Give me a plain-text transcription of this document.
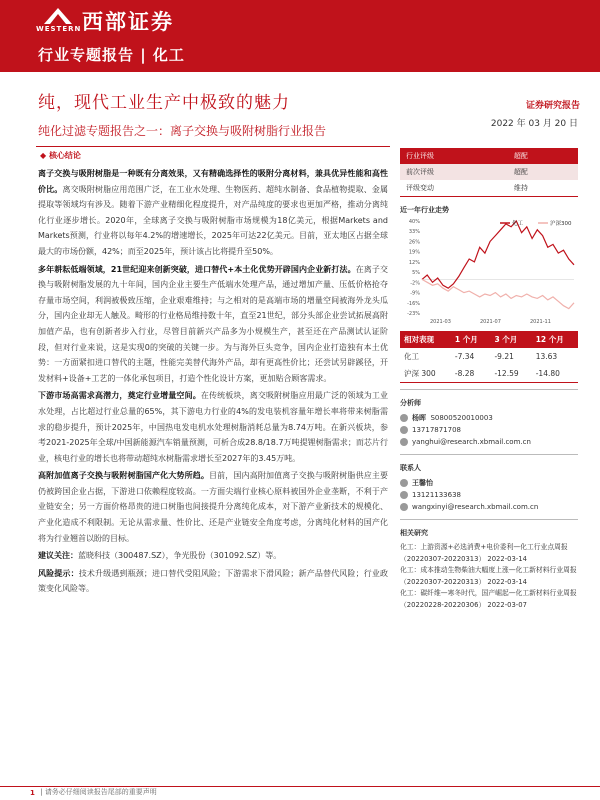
WESTERN 西部证券
行业专题报告 | 化工
纯，现代工业生产中极致的魅力	证券研究报告
纯化过滤专题报告之一：离子交换与吸附树脂行业报告	2022 年 03 月 20 日
◆ 核心结论

离子交换与吸附树脂是一种既有分离效果，又有精确选择性的吸附分离材料，兼具优异性能和高性价比。离交吸附树脂应用范围广泛，在工业水处理、生物医药、超纯水制备、食品植物提取、金属提取等领域均有涉及。随着下游产业精细化程度提升，对产品纯度的要求也更加严格，推动分离纯化行业逐步增长。2020年，全球离子交换与吸附树脂市场规模为18亿美元，根据Markets and Markets预测，行业将以每年4.2%的增速增长，2025年可达22亿美元。目前，亚太地区占据全球最大的市场份额，42%；而至2025年，预计该占比将提升至50%。

多年耕耘低端领域，21世纪迎来创新突破，进口替代+本土化优势开辟国内企业新打法。在离子交换与吸附树脂发展的九十年间，国内企业主要生产低端水处理产品，通过增加产量、压低价格抢夺存量市场空间，利润被极致压缩，企业艰难维持；与之相对的是高端市场的增量空间被海外龙头瓜分，国内企业却无人触及。畸形的行业格局维持数十年，直至21世纪，部分头部企业尝试拓展高附加值产品，也有创新者步入行业，尽管目前新兴产品多为小规模生产，甚至还在产品测试认证阶段，但对行业来说，这是实现0的突破的关键一步。为与海外巨头竞争，国内企业打造独有本土优势：一方面紧扣进口替代的主题，性能完美替代海外产品，却有更高性价比；还尝试另辟蹊径，开发材料+设备+工艺的一体化承包项目，打造个性化设计方案，更加贴合顾客需求。

下游市场高需求高潜力，奠定行业增量空间。在传统板块，离交吸附树脂应用最广泛的领域为工业水处理，占比超过行业总量的65%，其下游电力行业的4%的发电装机容量年增长率将带来树脂需求的稳步提升，预计2025年，中国热电发电机水处理树脂消耗总量为8.74万吨。在新兴板块，参考2021-2025年全球/中国新能源汽车销量预测，可析合成28.8/18.7万吨提锂树脂需求；而芯片行业，核电行业的增长也将带动超纯水树脂需求增长至2027年的3.45万吨。

高附加值离子交换与吸附树脂国产化大势所趋。目前，国内高附加值离子交换与吸附树脂供应主要仍被跨国企业占据，下游进口依赖程度较高。一方面尖端行业核心原料被国外企业垄断，不利于产业链安全；另一方面价格昂贵的进口树脂也间接提升分离纯化成本，对下游产业新技术的规模化、产业化造成不利限制。无论从需求量、性价比、还是产业链安全角度考虑，分离纯化材料的国产化将为行业翘首以盼的目标。

建议关注：蓝晓科技（300487.SZ），争光股份（301092.SZ）等。

风险提示：技术升级遇到瓶颈；进口替代受阻风险；下游需求下滑风险；新产品替代风险；行业政策变化风险等。

行业评级	超配
前次评级	超配
评级变动	维持
近一年行业走势
40%
33%
26%
19%
12%
5%
-2%
-9%
-16%
-23%
2021-03	2021-07	2021-11
化工	沪深300
相对表现	1 个月	3 个月	12 个月
化工	-7.34	-9.21	13.63
沪深 300	-8.28	-12.59	-14.80
分析师
杨晖 S0800520010003
13717871708
yanghui@research.xbmail.com.cn
联系人
王馨怡
13121133638
wangxinyi@research.xbmail.com.cn
相关研究
化工：上游资源+必选消费+电价委利—化工行业点周报（20220307-20220313） 2022-03-14
化工：成本推动生物柴油大幅度上涨—化工新材料行业周报（20220307-20220313） 2022-03-14
化工：碳纤维—寒冬时代，国产崛起—化工新材料行业周报（20220228-20220306） 2022-03-07
1 | 请务必仔细阅读报告尾部的重要声明
